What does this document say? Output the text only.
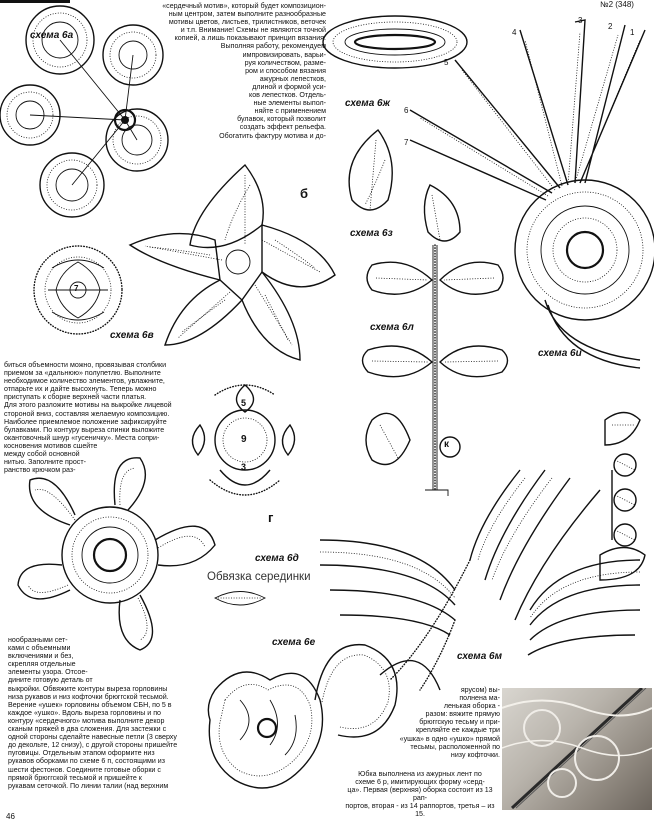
№2 (348)
схема 6а
7
схема 6в

«сердечный мотив», который будет композицион-

ным центром, затем выполните разнообразные

мотивы цветов, листьев, трилистников, веточек

и т.п. Внимание! Схемы не являются точной

копией, а лишь показывают принцип вязания.

Выполняя работу, рекомендуем

импровизировать, варьи-

руя количеством, разме-

ром и способом вязания

ажурных лепестков,

длиной и формой уси-

ков лепестков. Отдель-

ные элементы выпол-

няйте с применением

булавок, который позволит

создать эффект рельефа.

Обогатить фактуру мотива и до-

б
схема 6ж
схема 6з
схема 6л
1
2
3
4
5
6
7
схема 6и
к

биться объемности можно, провязывая столбики

приемом за «дальнюю» полупетлю. Выполните

необходимое количество элементов, увлажните,

отпарьте их и дайте высохнуть. Теперь можно

приступать к сборке верхней части платья.

Для этого разложите мотивы на выкройке лицевой

стороной вниз, составляя желаемую композицию.

Наиболее приемлемое положение зафиксируйте

булавками. По контуру выреза спинки выложите

окантовочный шнур «гусеничку». Места сопри-

косновения мотивов сшейте

между собой основной

нитью. Заполните прост-

ранство крючком раз-

5
9
3
г
схема 6д
Обвязка серединки
схема 6м
схема 6е

нообразными сет-

ками с объемными

включениями и без,

скрепляя отдельные

элементы узора. Отсое-

дините готовую деталь от

выкройки. Обвяжите контуры выреза горловины

низа рукавов и низ кофточки брюггской тесьмой.

Верение «ушек» горловины объемом СБН, по 5 в

каждое «ушко». Вдоль выреза горловины и по

контуру «сердечного» мотива выполните декор

сканым пряжей в два сложения. Для застежки с

одной стороны сделайте навесные петли (3 сверху

до декольте, 12 снизу), с другой стороны пришейте

пуговицы. Отдельным этапом оформите низ

рукавов оборками по схеме 6 п, состоящими из

шести фестонов. Соедините готовые оборки с

прямой брюггской тесьмой и пришейте к

рукавам сеточкой. По линии талии (над верхним

ярусом) вы-

полнена ма-

ленькая оборка -

разом: вяжите прямую

брюггскую тесьму и при-

крепляйте ее каждые три

«ушка» в одно «ушко» прямой

тесьмы, расположенной по

низу кофточки.

Юбка выполнена из ажурных лент по

схеме 6 р, имитирующих форму «серд-

ца». Первая (верхняя) оборка состоит из 13 рап-

портов, вторая - из 14 раппортов, третья – из 15.

46
